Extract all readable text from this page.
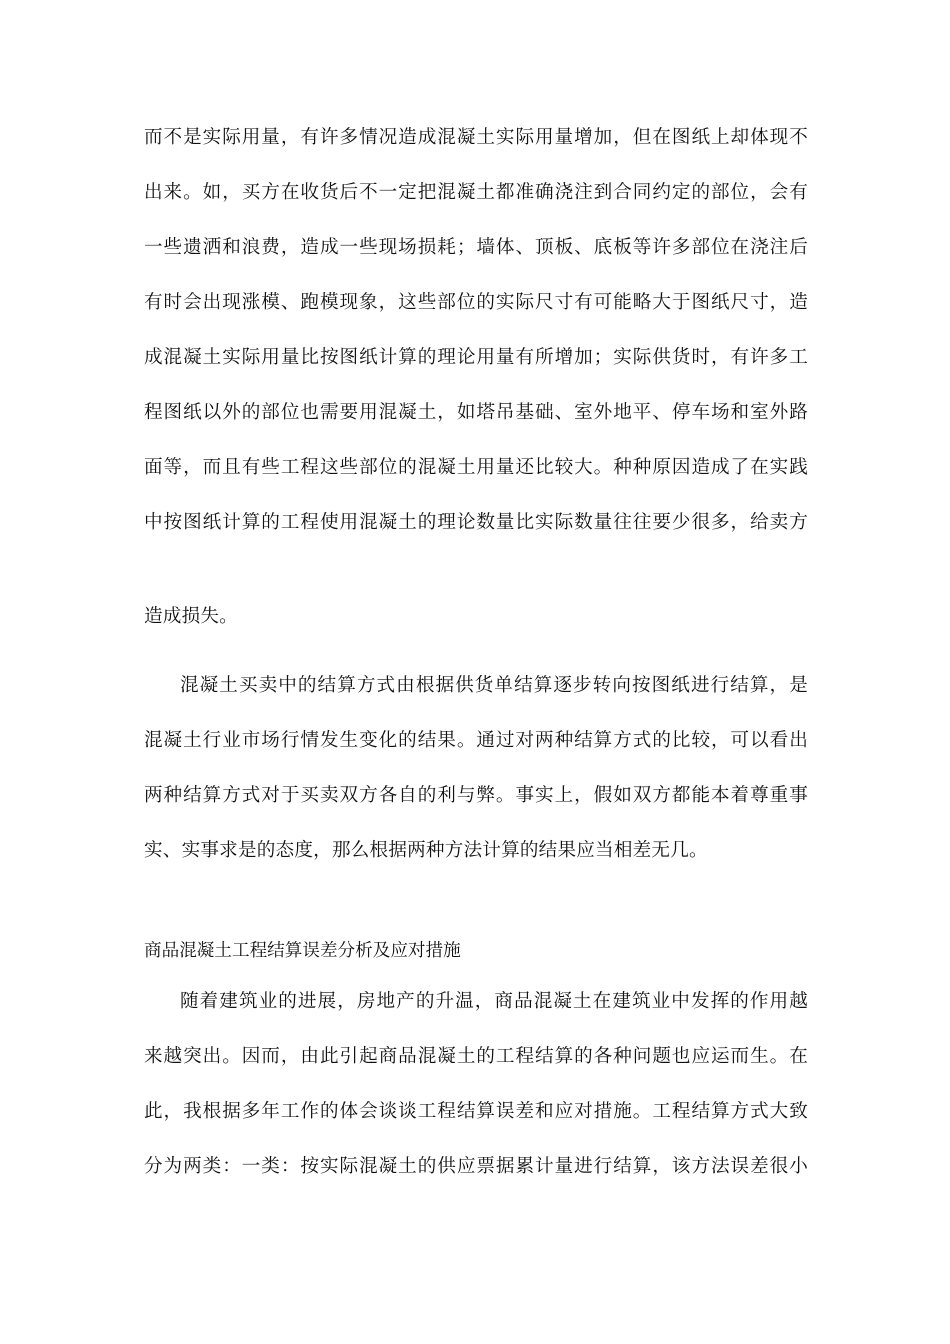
而不是实际用量，有许多情况造成混凝土实际用量增加，但在图纸上却体现不
出来。如，买方在收货后不一定把混凝土都准确浇注到合同约定的部位，会有
一些遗洒和浪费，造成一些现场损耗；墙体、顶板、底板等许多部位在浇注后
有时会出现涨模、跑模现象，这些部位的实际尺寸有可能略大于图纸尺寸，造
成混凝土实际用量比按图纸计算的理论用量有所增加；实际供货时，有许多工
程图纸以外的部位也需要用混凝土，如塔吊基础、室外地平、停车场和室外路
面等，而且有些工程这些部位的混凝土用量还比较大。种种原因造成了在实践
中按图纸计算的工程使用混凝土的理论数量比实际数量往往要少很多，给卖方
造成损失。
混凝土买卖中的结算方式由根据供货单结算逐步转向按图纸进行结算，是
混凝土行业市场行情发生变化的结果。通过对两种结算方式的比较，可以看出
两种结算方式对于买卖双方各自的利与弊。事实上，假如双方都能本着尊重事
实、实事求是的态度，那么根据两种方法计算的结果应当相差无几。
商品混凝土工程结算误差分析及应对措施
随着建筑业的进展，房地产的升温，商品混凝土在建筑业中发挥的作用越
来越突出。因而，由此引起商品混凝土的工程结算的各种问题也应运而生。在
此，我根据多年工作的体会谈谈工程结算误差和应对措施。工程结算方式大致
分为两类：一类：按实际混凝土的供应票据累计量进行结算，该方法误差很小
